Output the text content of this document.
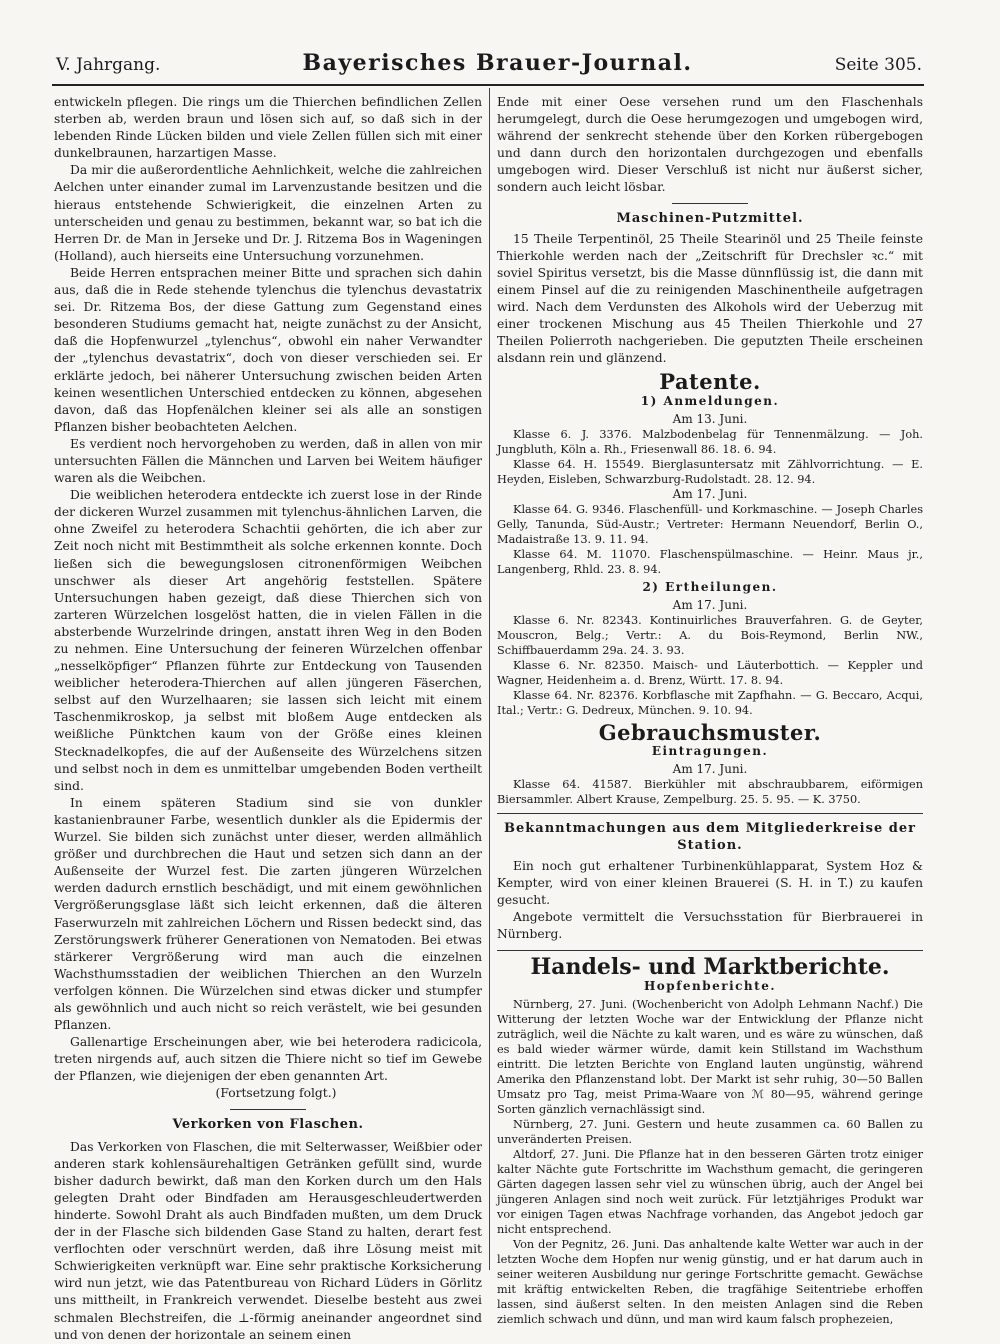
V. Jahrgang.	Bayerisches Brauer-Journal.	Seite 305.

entwickeln pflegen. Die rings um die Thierchen befindlichen Zellen sterben ab, werden braun und lösen sich auf, so daß sich in der lebenden Rinde Lücken bilden und viele Zellen füllen sich mit einer dunkelbraunen, harzartigen Masse.

Da mir die außerordentliche Aehnlichkeit, welche die zahlreichen Aelchen unter einander zumal im Larvenzustande besitzen und die hieraus entstehende Schwierigkeit, die einzelnen Arten zu unterscheiden und genau zu bestimmen, bekannt war, so bat ich die Herren Dr. de Man in Jerseke und Dr. J. Ritzema Bos in Wageningen (Holland), auch hierseits eine Untersuchung vorzunehmen.

Beide Herren entsprachen meiner Bitte und sprachen sich dahin aus, daß die in Rede stehende tylenchus die tylenchus devastatrix sei. Dr. Ritzema Bos, der diese Gattung zum Gegenstand eines besonderen Studiums gemacht hat, neigte zunächst zu der Ansicht, daß die Hopfenwurzel „tylenchus“, obwohl ein naher Verwandter der „tylenchus devastatrix“, doch von dieser verschieden sei. Er erklärte jedoch, bei näherer Untersuchung zwischen beiden Arten keinen wesentlichen Unterschied entdecken zu können, abgesehen davon, daß das Hopfenälchen kleiner sei als alle an sonstigen Pflanzen bisher beobachteten Aelchen.

Es verdient noch hervorgehoben zu werden, daß in allen von mir untersuchten Fällen die Männchen und Larven bei Weitem häufiger waren als die Weibchen.

Die weiblichen heterodera entdeckte ich zuerst lose in der Rinde der dickeren Wurzel zusammen mit tylenchus-ähnlichen Larven, die ohne Zweifel zu heterodera Schachtii gehörten, die ich aber zur Zeit noch nicht mit Bestimmtheit als solche erkennen konnte. Doch ließen sich die bewegungslosen citronenförmigen Weibchen unschwer als dieser Art angehörig feststellen. Spätere Untersuchungen haben gezeigt, daß diese Thierchen sich von zarteren Würzelchen losgelöst hatten, die in vielen Fällen in die absterbende Wurzelrinde dringen, anstatt ihren Weg in den Boden zu nehmen. Eine Untersuchung der feineren Würzelchen offenbar „nesselköpfiger“ Pflanzen führte zur Entdeckung von Tausenden weiblicher heterodera-Thierchen auf allen jüngeren Fäserchen, selbst auf den Wurzelhaaren; sie lassen sich leicht mit einem Taschenmikroskop, ja selbst mit bloßem Auge entdecken als weißliche Pünktchen kaum von der Größe eines kleinen Stecknadelkopfes, die auf der Außenseite des Würzelchens sitzen und selbst noch in dem es unmittelbar umgebenden Boden vertheilt sind.

In einem späteren Stadium sind sie von dunkler kastanienbrauner Farbe, wesentlich dunkler als die Epidermis der Wurzel. Sie bilden sich zunächst unter dieser, werden allmählich größer und durchbrechen die Haut und setzen sich dann an der Außenseite der Wurzel fest. Die zarten jüngeren Würzelchen werden dadurch ernstlich beschädigt, und mit einem gewöhnlichen Vergrößerungsglase läßt sich leicht erkennen, daß die älteren Faserwurzeln mit zahlreichen Löchern und Rissen bedeckt sind, das Zerstörungswerk früherer Generationen von Nematoden. Bei etwas stärkerer Vergrößerung wird man auch die einzelnen Wachsthumsstadien der weiblichen Thierchen an den Wurzeln verfolgen können. Die Würzelchen sind etwas dicker und stumpfer als gewöhnlich und auch nicht so reich verästelt, wie bei gesunden Pflanzen.

Gallenartige Erscheinungen aber, wie bei heterodera radicicola, treten nirgends auf, auch sitzen die Thiere nicht so tief im Gewebe der Pflanzen, wie diejenigen der eben genannten Art.

(Fortsetzung folgt.)

Verkorken von Flaschen.

Das Verkorken von Flaschen, die mit Selterwasser, Weißbier oder anderen stark kohlensäurehaltigen Getränken gefüllt sind, wurde bisher dadurch bewirkt, daß man den Korken durch um den Hals gelegten Draht oder Bindfaden am Herausgeschleudertwerden hinderte. Sowohl Draht als auch Bindfaden mußten, um dem Druck der in der Flasche sich bildenden Gase Stand zu halten, derart fest verflochten oder verschnürt werden, daß ihre Lösung meist mit Schwierigkeiten verknüpft war. Eine sehr praktische Korksicherung wird nun jetzt, wie das Patentbureau von Richard Lüders in Görlitz uns mittheilt, in Frankreich verwendet. Dieselbe besteht aus zwei schmalen Blechstreifen, die ⊥-förmig aneinander angeordnet sind und von denen der horizontale an seinem einen

Ende mit einer Oese versehen rund um den Flaschenhals herumgelegt, durch die Oese herumgezogen und umgebogen wird, während der senkrecht stehende über den Korken rübergebogen und dann durch den horizontalen durchgezogen und ebenfalls umgebogen wird. Dieser Verschluß ist nicht nur äußerst sicher, sondern auch leicht lösbar.

Maschinen-Putzmittel.

15 Theile Terpentinöl, 25 Theile Stearinöl und 25 Theile feinste Thierkohle werden nach der „Zeitschrift für Drechsler ꝛc.“ mit soviel Spiritus versetzt, bis die Masse dünnflüssig ist, die dann mit einem Pinsel auf die zu reinigenden Maschinentheile aufgetragen wird. Nach dem Verdunsten des Alkohols wird der Ueberzug mit einer trockenen Mischung aus 45 Theilen Thierkohle und 27 Theilen Polierroth nachgerieben. Die geputzten Theile erscheinen alsdann rein und glänzend.

Patente.
1) Anmeldungen.
Am 13. Juni.

Klasse 6. J. 3376. Malzbodenbelag für Tennenmälzung. — Joh. Jungbluth, Köln a. Rh., Friesenwall 86. 18. 6. 94.

Klasse 64. H. 15549. Bierglasuntersatz mit Zählvorrichtung. — E. Heyden, Eisleben, Schwarzburg-Rudolstadt. 28. 12. 94.

Am 17. Juni.

Klasse 64. G. 9346. Flaschenfüll- und Korkmaschine. — Joseph Charles Gelly, Tanunda, Süd-Austr.; Vertreter: Hermann Neuendorf, Berlin O., Madaistraße 13. 9. 11. 94.

Klasse 64. M. 11070. Flaschenspülmaschine. — Heinr. Maus jr., Langenberg, Rhld. 23. 8. 94.

2) Ertheilungen.
Am 17. Juni.

Klasse 6. Nr. 82343. Kontinuirliches Brauverfahren. G. de Geyter, Mouscron, Belg.; Vertr.: A. du Bois-Reymond, Berlin NW., Schiffbauerdamm 29a. 24. 3. 93.

Klasse 6. Nr. 82350. Maisch- und Läuterbottich. — Keppler und Wagner, Heidenheim a. d. Brenz, Württ. 17. 8. 94.

Klasse 64. Nr. 82376. Korbflasche mit Zapfhahn. — G. Beccaro, Acqui, Ital.; Vertr.: G. Dedreux, München. 9. 10. 94.

Gebrauchsmuster.
Eintragungen.
Am 17. Juni.

Klasse 64. 41587. Bierkühler mit abschraubbarem, eiförmigen Biersammler. Albert Krause, Zempelburg. 25. 5. 95. — K. 3750.

Bekanntmachungen aus dem Mitgliederkreise der Station.

Ein noch gut erhaltener Turbinenkühlapparat, System Hoz & Kempter, wird von einer kleinen Brauerei (S. H. in T.) zu kaufen gesucht.

Angebote vermittelt die Versuchsstation für Bierbrauerei in Nürnberg.

Handels- und Marktberichte.
Hopfenberichte.

Nürnberg, 27. Juni. (Wochenbericht von Adolph Lehmann Nachf.) Die Witterung der letzten Woche war der Entwicklung der Pflanze nicht zuträglich, weil die Nächte zu kalt waren, und es wäre zu wünschen, daß es bald wieder wärmer würde, damit kein Stillstand im Wachsthum eintritt. Die letzten Berichte von England lauten ungünstig, während Amerika den Pflanzenstand lobt. Der Markt ist sehr ruhig, 30—50 Ballen Umsatz pro Tag, meist Prima-Waare von ℳ 80—95, während geringe Sorten gänzlich vernachlässigt sind.

Nürnberg, 27. Juni. Gestern und heute zusammen ca. 60 Ballen zu unveränderten Preisen.

Altdorf, 27. Juni. Die Pflanze hat in den besseren Gärten trotz einiger kalter Nächte gute Fortschritte im Wachsthum gemacht, die geringeren Gärten dagegen lassen sehr viel zu wünschen übrig, auch der Angel bei jüngeren Anlagen sind noch weit zurück. Für letztjähriges Produkt war vor einigen Tagen etwas Nachfrage vorhanden, das Angebot jedoch gar nicht entsprechend.

Von der Pegnitz, 26. Juni. Das anhaltende kalte Wetter war auch in der letzten Woche dem Hopfen nur wenig günstig, und er hat darum auch in seiner weiteren Ausbildung nur geringe Fortschritte gemacht. Gewächse mit kräftig entwickelten Reben, die tragfähige Seitentriebe erhoffen lassen, sind äußerst selten. In den meisten Anlagen sind die Reben ziemlich schwach und dünn, und man wird kaum falsch prophezeien,
